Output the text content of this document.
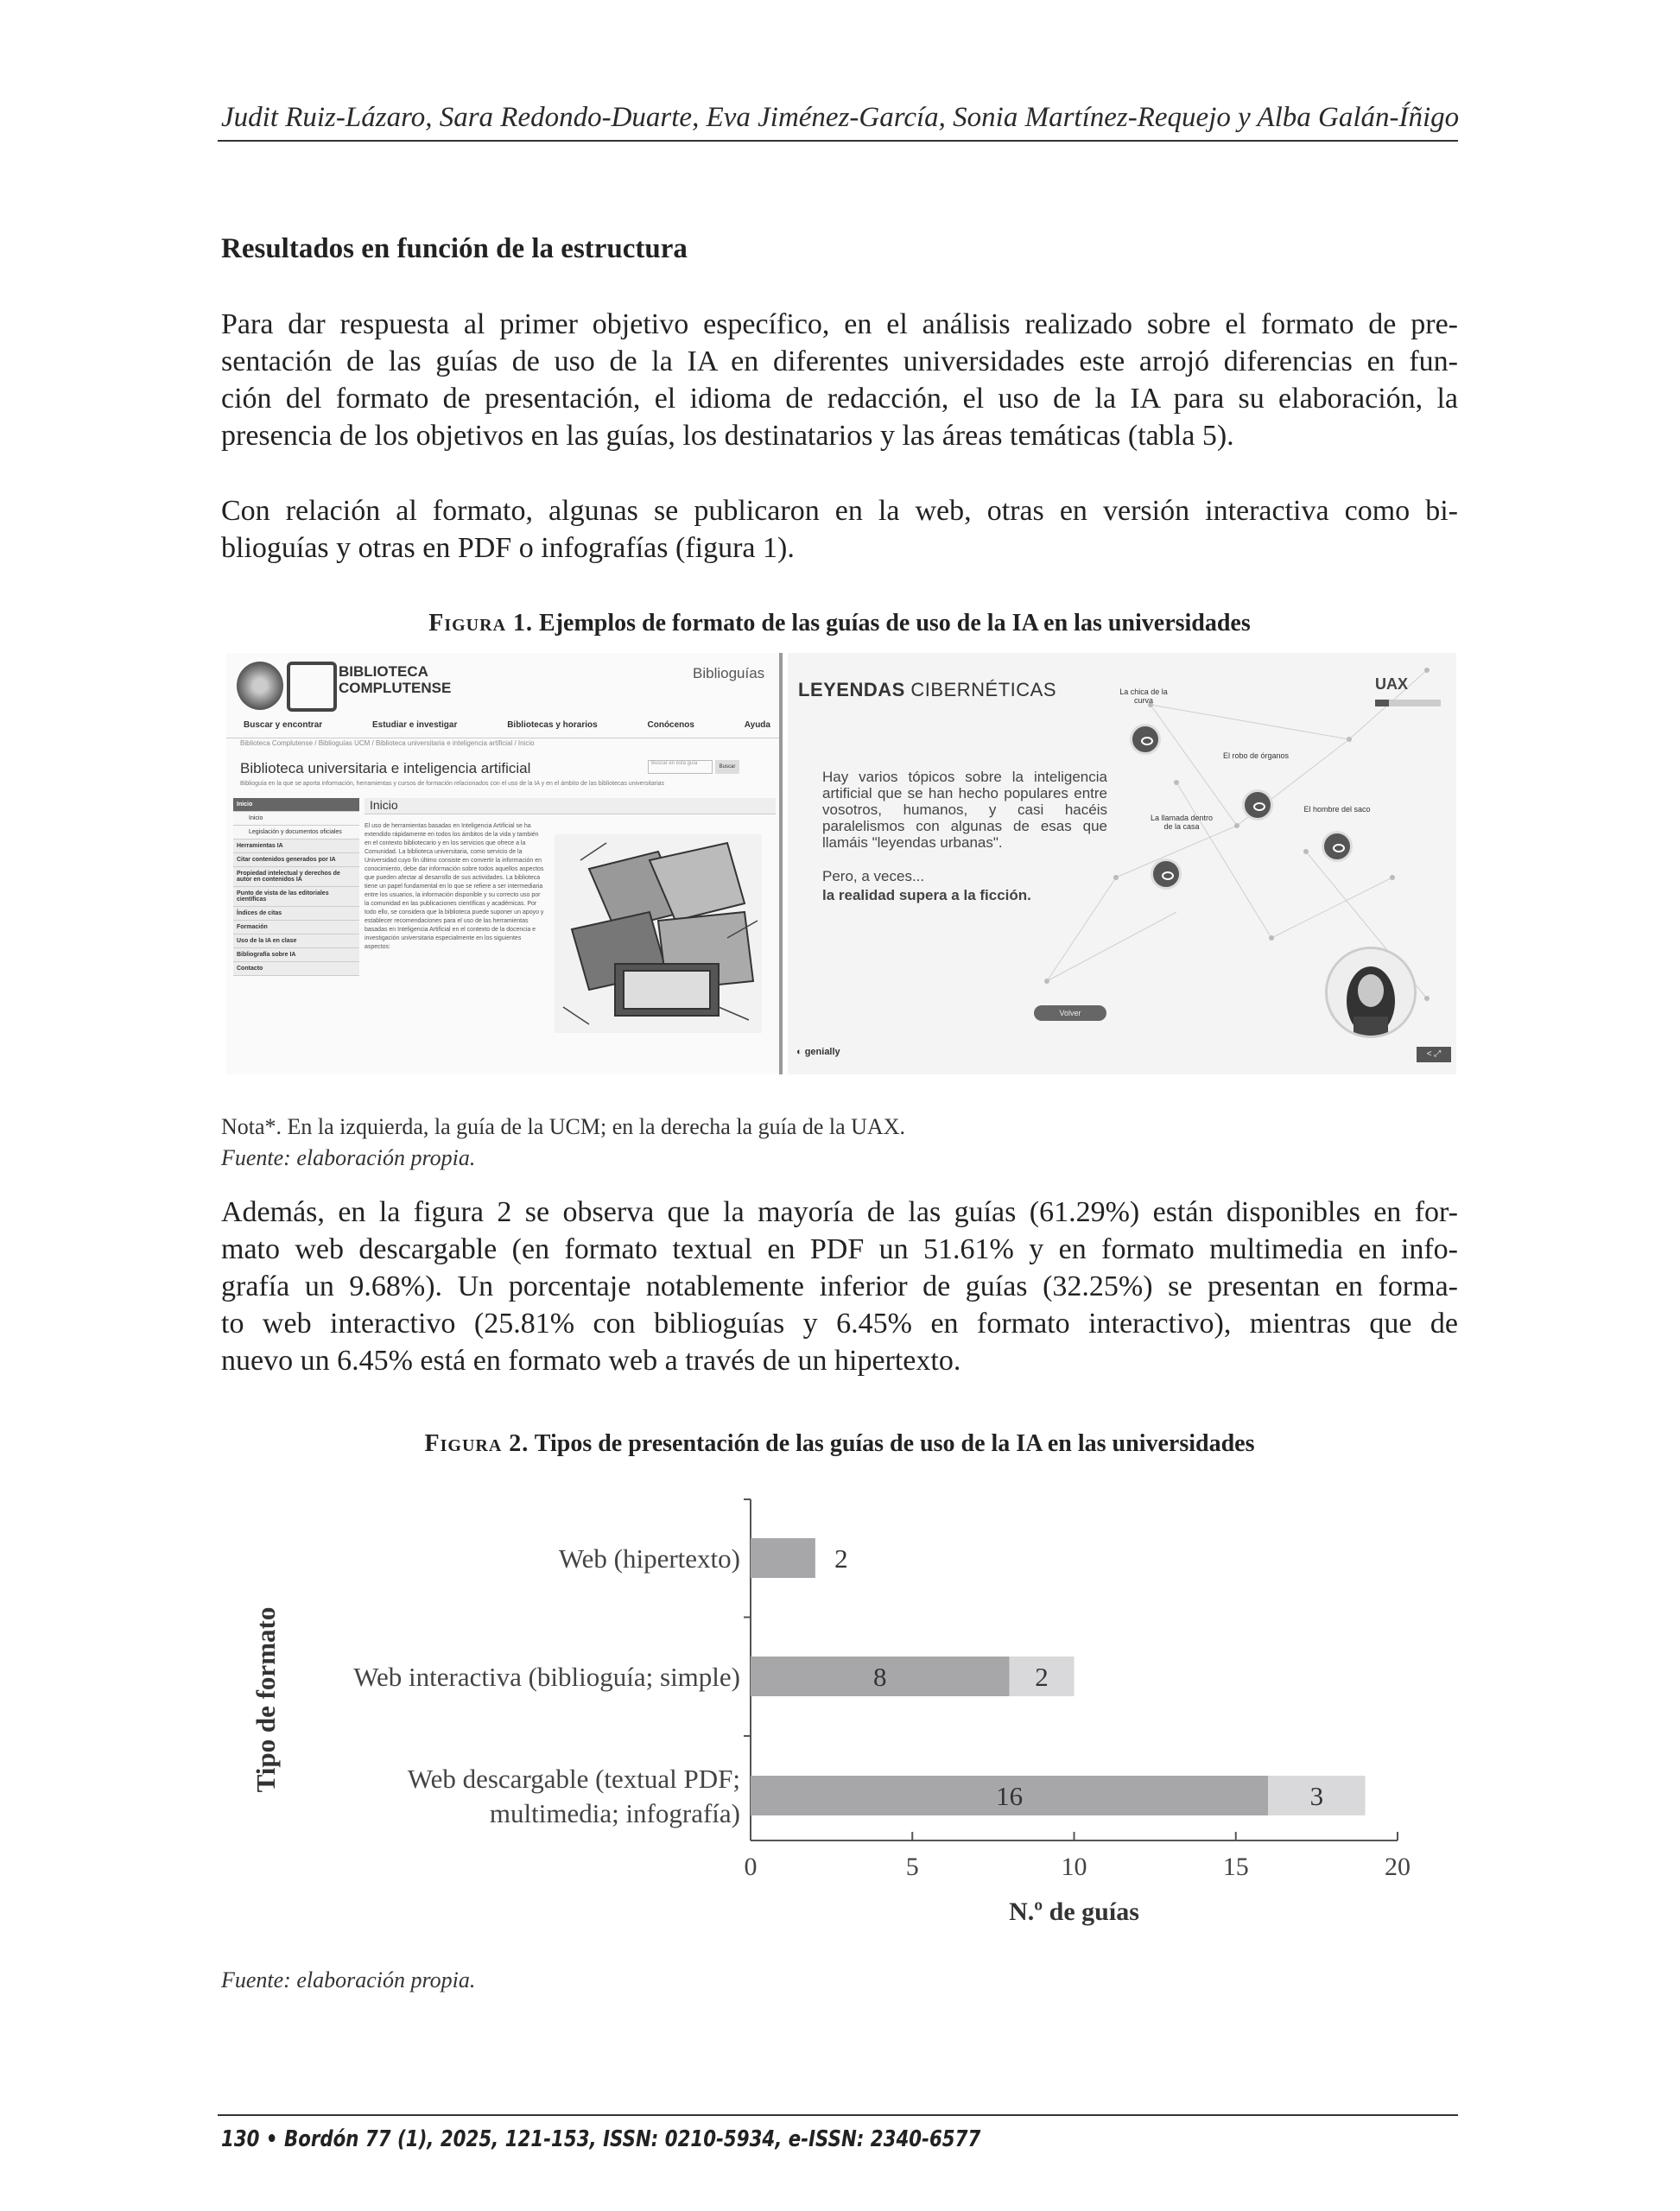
Judit Ruiz-Lázaro, Sara Redondo-Duarte, Eva Jiménez-García, Sonia Martínez-Requejo y Alba Galán-Íñigo
Resultados en función de la estructura
Para dar respuesta al primer objetivo específico, en el análisis realizado sobre el formato de pre-
sentación de las guías de uso de la IA en diferentes universidades este arrojó diferencias en fun-
ción del formato de presentación, el idioma de redacción, el uso de la IA para su elaboración, la
presencia de los objetivos en las guías, los destinatarios y las áreas temáticas (tabla 5).
Con relación al formato, algunas se publicaron en la web, otras en versión interactiva como bi-
blioguías y otras en PDF o infografías (figura 1).
Figura 1. Ejemplos de formato de las guías de uso de la IA en las universidades
BIBLIOTECA
COMPLUTENSE
Biblioguías
Buscar y encontrar	Estudiar e investigar	Bibliotecas y horarios	Conócenos	Ayuda
Biblioteca Complutense / Biblioguías UCM / Biblioteca universitaria e inteligencia artificial / Inicio
Biblioteca universitaria e inteligencia artificial
Biblioguía en la que se aporta información, herramientas y cursos de formación relacionados con el uso de la IA y en el ámbito de las bibliotecas universitarias
Buscar en esta guía
Buscar
Inicio
Inicio
Legislación y documentos oficiales
Herramientas IA
Citar contenidos generados por IA
Propiedad intelectual y derechos de autor en contenidos IA
Punto de vista de las editoriales científicas
Índices de citas
Formación
Uso de la IA en clase
Bibliografía sobre IA
Contacto
Inicio
El uso de herramientas basadas en Inteligencia Artificial se ha extendido rápidamente en todos los ámbitos de la vida y también en el contexto bibliotecario y en los servicios que ofrece a la Comunidad. La biblioteca universitaria, como servicio de la Universidad cuyo fin último consiste en convertir la información en conocimiento, debe dar información sobre todos aquellos aspectos que pueden afectar al desarrollo de sus actividades. La biblioteca tiene un papel fundamental en lo que se refiere a ser intermediaria entre los usuarios, la información disponible y su correcto uso por la comunidad en las publicaciones científicas y académicas. Por todo ello, se considera que la biblioteca puede suponer un apoyo y establecer recomendaciones para el uso de las herramientas basadas en Inteligencia Artificial en el contexto de la docencia e investigación universitaria especialmente en los siguientes aspectos:
LEYENDAS CIBERNÉTICAS	UAX
Hay varios tópicos sobre la inteligencia artificial que se han hecho populares entre vosotros, humanos, y casi hacéis paralelismos con algunas de esas que llamáis "leyendas urbanas".
Pero, a veces...
la realidad supera a la ficción.
La chica de la curva
El robo de órganos
La llamada dentro de la casa
El hombre del saco
Volver
◐ genially	< ⤢
Nota*. En la izquierda, la guía de la UCM; en la derecha la guía de la UAX.
Fuente: elaboración propia.
Además, en la figura 2 se observa que la mayoría de las guías (61.29%) están disponibles en for-
mato web descargable (en formato textual en PDF un 51.61% y en formato multimedia en info-
grafía un 9.68%). Un porcentaje notablemente inferior de guías (32.25%) se presentan en forma-
to web interactivo (25.81% con biblioguías y 6.45% en formato interactivo), mientras que de
nuevo un 6.45% está en formato web a través de un hipertexto.
Figura 2. Tipos de presentación de las guías de uso de la IA en las universidades
0	5	10	15	20
2
Web (hipertexto)
8	2
Web interactiva (biblioguía; simple)
16	3
Web descargable (textual PDF;
multimedia; infografía)
N.º de guías
Tipo de formato
Fuente: elaboración propia.
130 • Bordón 77 (1), 2025, 121-153, ISSN: 0210-5934, e-ISSN: 2340-6577
